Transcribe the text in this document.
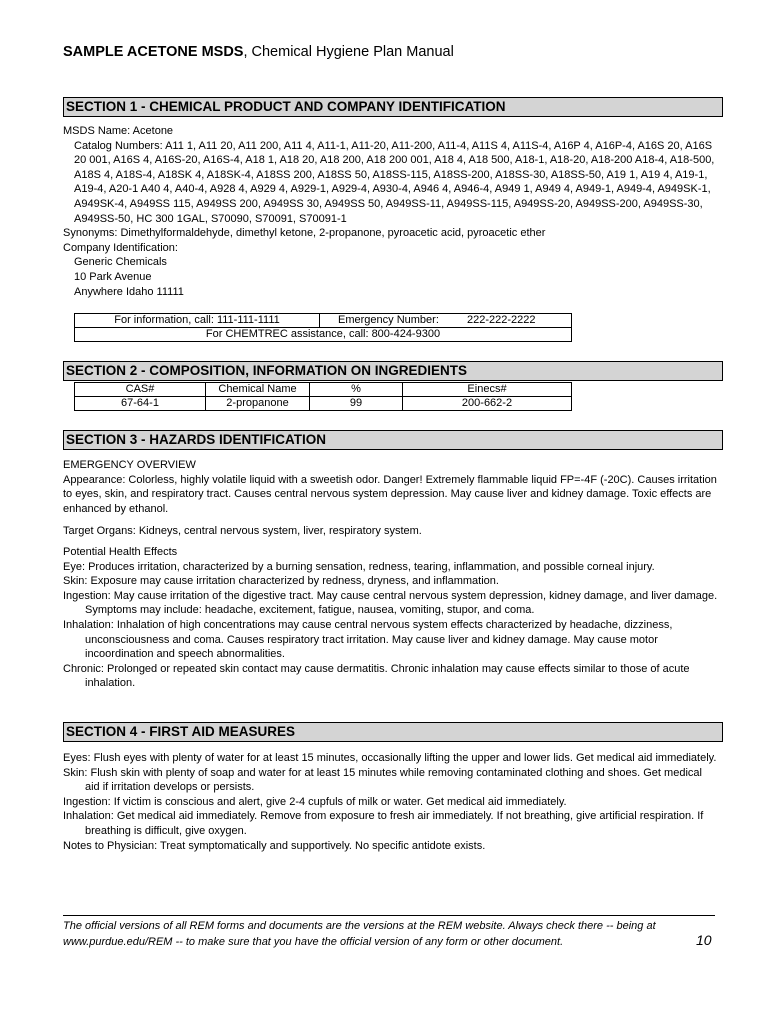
SAMPLE ACETONE MSDS, Chemical Hygiene Plan Manual
SECTION 1 - CHEMICAL PRODUCT AND COMPANY IDENTIFICATION
MSDS Name: Acetone
Catalog Numbers: A11 1, A11 20, A11 200, A11 4, A11-1, A11-20, A11-200, A11-4, A11S 4, A11S-4, A16P 4, A16P-4, A16S 20, A16S 20 001, A16S 4, A16S-20, A16S-4, A18 1, A18 20, A18 200, A18 200 001, A18 4, A18 500, A18-1, A18-20, A18-200 A18-4, A18-500, A18S 4, A18S-4, A18SK 4, A18SK-4, A18SS 200, A18SS 50, A18SS-115, A18SS-200, A18SS-30, A18SS-50, A19 1, A19 4, A19-1, A19-4, A20-1 A40 4, A40-4, A928 4, A929 4, A929-1, A929-4, A930-4, A946 4, A946-4, A949 1, A949 4, A949-1, A949-4, A949SK-1, A949SK-4, A949SS 115, A949SS 200, A949SS 30, A949SS 50, A949SS-11, A949SS-115, A949SS-20, A949SS-200, A949SS-30, A949SS-50, HC 300 1GAL, S70090, S70091, S70091-1
Synonyms: Dimethylformaldehyde, dimethyl ketone, 2-propanone, pyroacetic acid, pyroacetic ether
Company Identification:
Generic Chemicals
10 Park Avenue
Anywhere Idaho 11111
For information, call: 111-111-1111	Emergency Number:	222-222-2222
For CHEMTREC assistance, call: 800-424-9300
SECTION 2 - COMPOSITION, INFORMATION ON INGREDIENTS
CAS#	Chemical Name	%	Einecs#
67-64-1	2-propanone	99	200-662-2
SECTION 3 - HAZARDS IDENTIFICATION
EMERGENCY OVERVIEW
Appearance: Colorless, highly volatile liquid with a sweetish odor. Danger! Extremely flammable liquid FP=-4F (-20C). Causes irritation to eyes, skin, and respiratory tract. Causes central nervous system depression. May cause liver and kidney damage. Toxic effects are enhanced by ethanol.
Target Organs: Kidneys, central nervous system, liver, respiratory system.
Potential Health Effects
Eye: Produces irritation, characterized by a burning sensation, redness, tearing, inflammation, and possible corneal injury.
Skin: Exposure may cause irritation characterized by redness, dryness, and inflammation.
Ingestion: May cause irritation of the digestive tract. May cause central nervous system depression, kidney damage, and liver damage. Symptoms may include: headache, excitement, fatigue, nausea, vomiting, stupor, and coma.
Inhalation: Inhalation of high concentrations may cause central nervous system effects characterized by headache, dizziness, unconsciousness and coma. Causes respiratory tract irritation. May cause liver and kidney damage. May cause motor incoordination and speech abnormalities.
Chronic: Prolonged or repeated skin contact may cause dermatitis. Chronic inhalation may cause effects similar to those of acute inhalation.
SECTION 4 - FIRST AID MEASURES
Eyes: Flush eyes with plenty of water for at least 15 minutes, occasionally lifting the upper and lower lids. Get medical aid immediately.
Skin: Flush skin with plenty of soap and water for at least 15 minutes while removing contaminated clothing and shoes. Get medical aid if irritation develops or persists.
Ingestion: If victim is conscious and alert, give 2-4 cupfuls of milk or water. Get medical aid immediately.
Inhalation: Get medical aid immediately. Remove from exposure to fresh air immediately. If not breathing, give artificial respiration. If breathing is difficult, give oxygen.
Notes to Physician: Treat symptomatically and supportively. No specific antidote exists.
The official versions of all REM forms and documents are the versions at the REM website. Always check there -- being at www.purdue.edu/REM -- to make sure that you have the official version of any form or other document.	10
